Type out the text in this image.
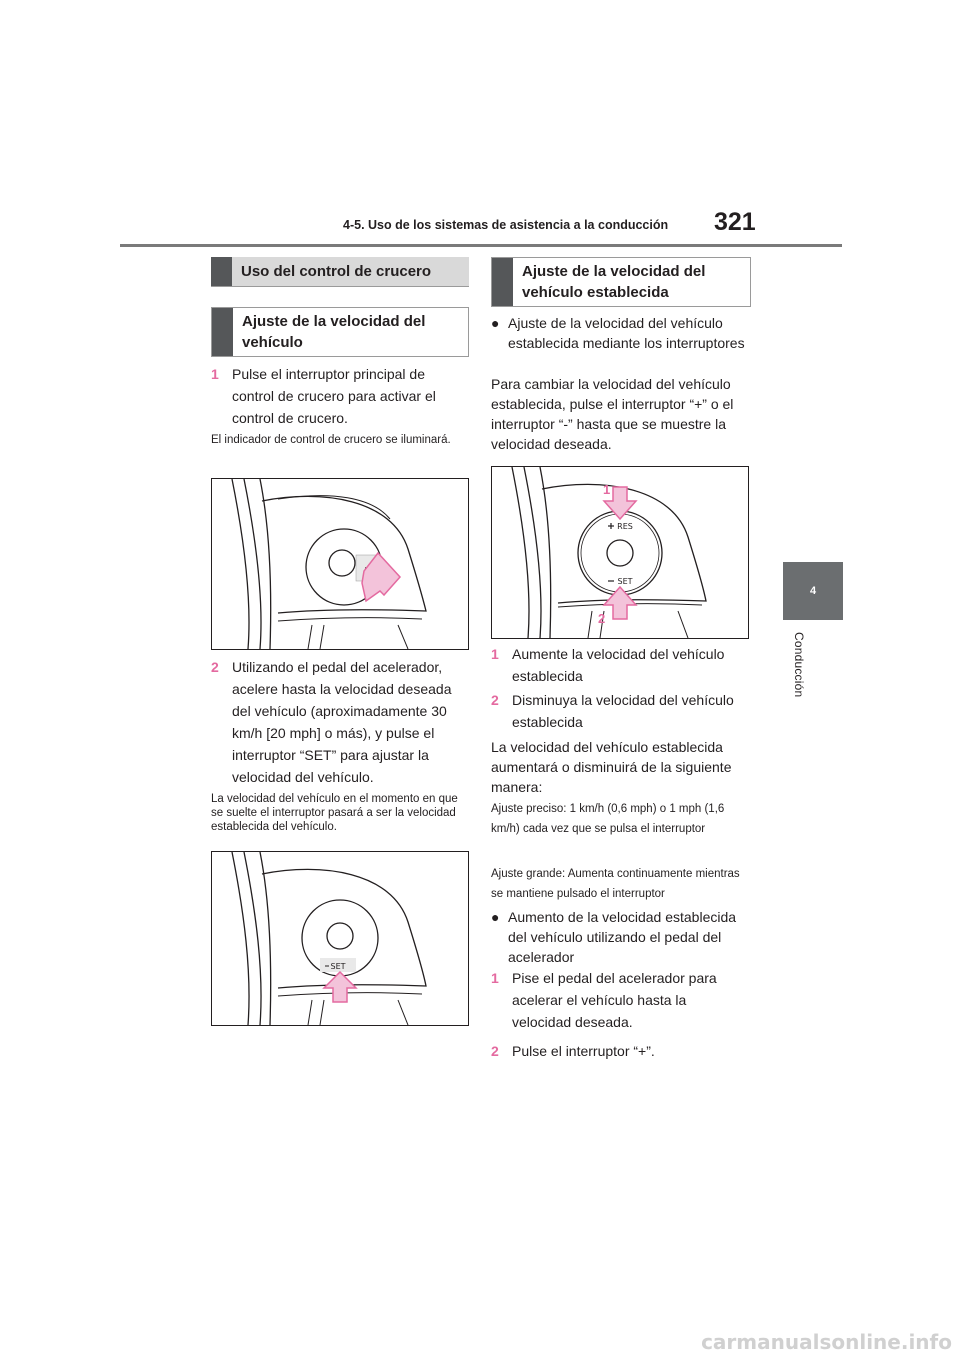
4-5. Uso de los sistemas de asistencia a la conducción 321
4
Conducción
Uso del control de crucero
Ajuste de la velocidad del vehículo
1 Pulse el interruptor principal de control de crucero para activar el control de crucero.
El indicador de control de crucero se iluminará.
2 Utilizando el pedal del acelerador, acelere hasta la velocidad deseada del vehículo (aproximadamente 30 km/h [20 mph] o más), y pulse el interruptor “SET” para ajustar la velocidad del vehículo.
La velocidad del vehículo en el momento en que se suelte el interruptor pasará a ser la velocidad establecida del vehículo.
SET
Ajuste de la velocidad del vehículo establecida
● Ajuste de la velocidad del vehículo establecida mediante los interruptores
Para cambiar la velocidad del vehículo establecida, pulse el interruptor “+” o el interruptor “-” hasta que se muestre la velocidad deseada.
RES
SET
1
2
1 Aumente la velocidad del vehículo establecida
2 Disminuya la velocidad del vehículo establecida
La velocidad del vehículo establecida aumentará o disminuirá de la siguiente manera:
Ajuste preciso: 1 km/h (0,6 mph) o 1 mph (1,6 km/h) cada vez que se pulsa el interruptor
Ajuste grande: Aumenta continuamente mientras se mantiene pulsado el interruptor
● Aumento de la velocidad establecida del vehículo utilizando el pedal del acelerador
1 Pise el pedal del acelerador para acelerar el vehículo hasta la velocidad deseada.
2 Pulse el interruptor “+”.
carmanualsonline.info
